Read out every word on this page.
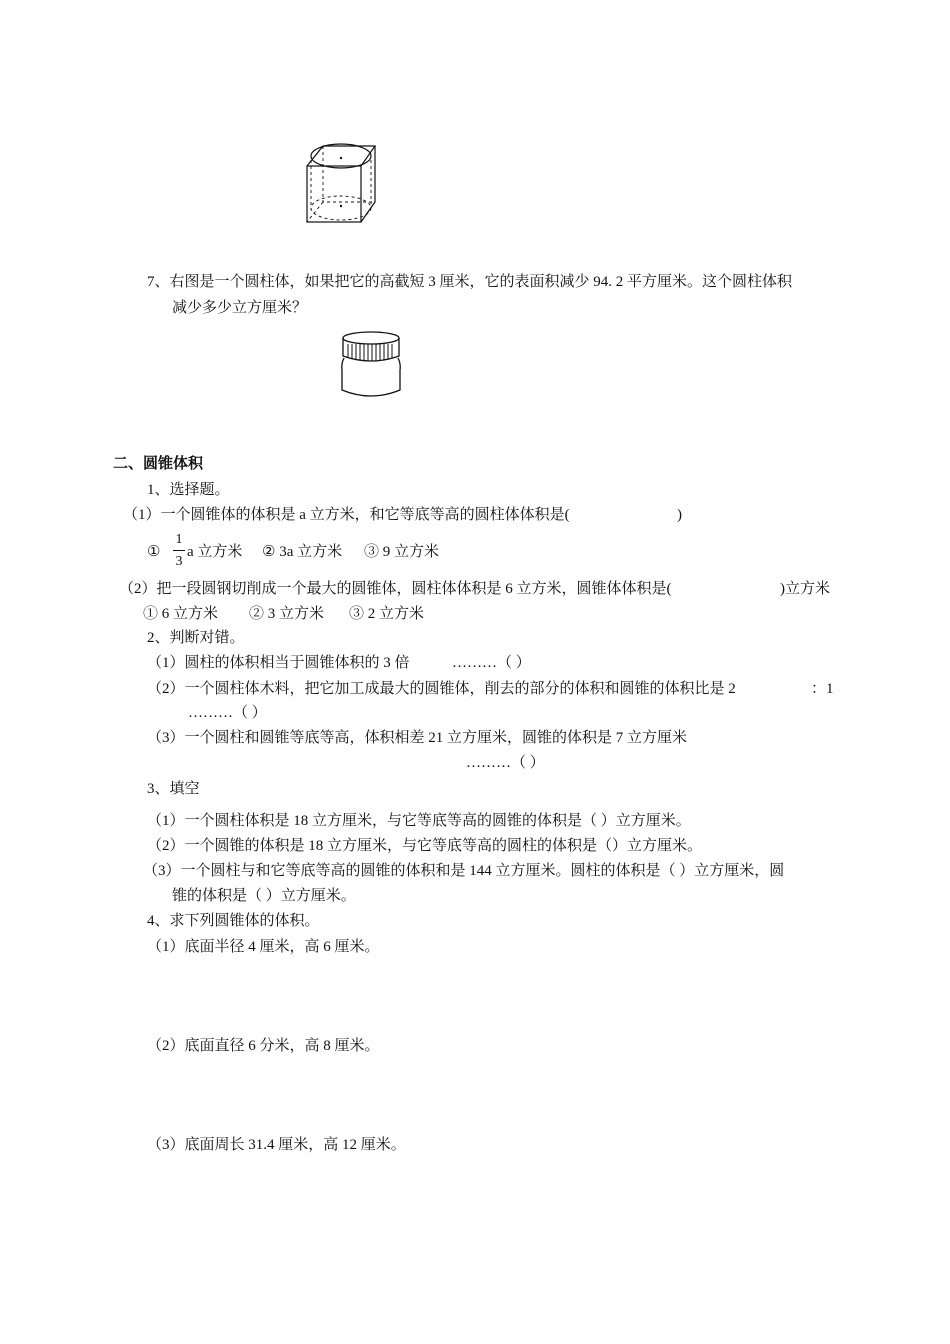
7、右图是一个圆柱体，如果把它的高截短 3 厘米，它的表面积减少 94. 2 平方厘米。这个圆柱体积
减少多少立方厘米？
二、圆锥体积
1、选择题。
（1）一个圆锥体的体积是 a 立方米，和它等底等高的圆柱体体积是(	)
①
1
3
a 立方米 ② 3a 立方米 ③ 9 立方米
（2）把一段圆钢切削成一个最大的圆锥体，圆柱体体积是 6 立方米，圆锥体体积是(	)立方米
① 6 立方米 ② 3 立方米 ③ 2 立方米
2、判断对错。
（1）圆柱的体积相当于圆锥体积的 3 倍	………（ ）
（2）一个圆柱体木料，把它加工成最大的圆锥体，削去的部分的体积和圆锥的体积比是 2	：1
………（ ）
（3）一个圆柱和圆锥等底等高，体积相差 21 立方厘米，圆锥的体积是 7 立方厘米
………（ ）
3、填空
（1）一个圆柱体积是 18 立方厘米，与它等底等高的圆锥的体积是（ ）立方厘米。
（2）一个圆锥的体积是 18 立方厘米，与它等底等高的圆柱的体积是（）立方厘米。
（3）一个圆柱与和它等底等高的圆锥的体积和是 144 立方厘米。圆柱的体积是（ ）立方厘米，圆
锥的体积是（ ）立方厘米。
4、求下列圆锥体的体积。
（1）底面半径 4 厘米，高 6 厘米。
（2）底面直径 6 分米，高 8 厘米。
（3）底面周长 31.4 厘米，高 12 厘米。
